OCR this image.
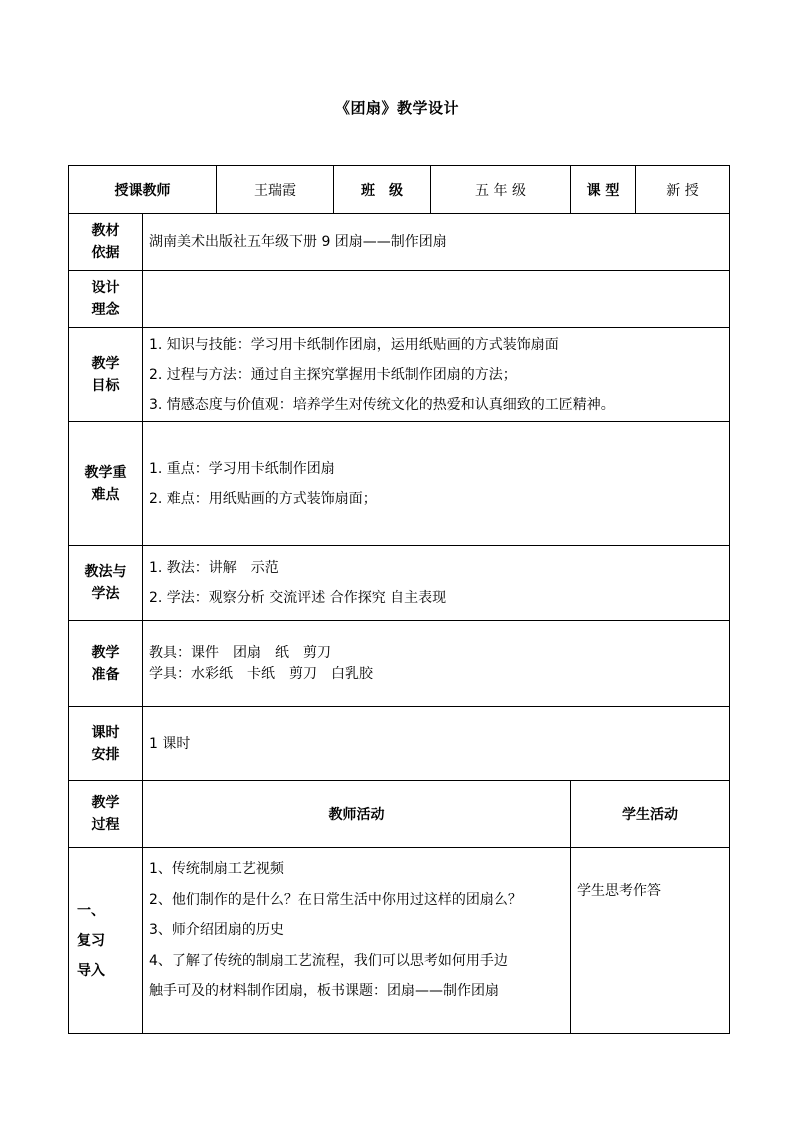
《团扇》教学设计
授课教师		王瑞霞	班　级	五 年 级	课 型	新 授

教材
依据	湖南美术出版社五年级下册 9 团扇——制作团扇					

设计
理念						

教学
目标	1. 知识与技能：学习用卡纸制作团扇，运用纸贴画的方式装饰扇面
2. 过程与方法：通过自主探究掌握用卡纸制作团扇的方法；
3. 情感态度与价值观：培养学生对传统文化的热爱和认真细致的工匠精神。					

教学重
难点	1. 重点：学习用卡纸制作团扇
2. 难点：用纸贴画的方式装饰扇面；					

教法与
学法	1. 教法：讲解　示范
2. 学法：观察分析 交流评述 合作探究 自主表现					

教学
准备	教具：课件　团扇　纸　剪刀
学具：水彩纸　卡纸　剪刀　白乳胶					

课时
安排	1 课时					

教学
过程	教师活动				学生活动	

一、
复习
导入	1、传统制扇工艺视频
2、他们制作的是什么？在日常生活中你用过这样的团扇么？
3、师介绍团扇的历史
4、了解了传统的制扇工艺流程，我们可以思考如何用手边
触手可及的材料制作团扇，板书课题：团扇——制作团扇				学生思考作答	
